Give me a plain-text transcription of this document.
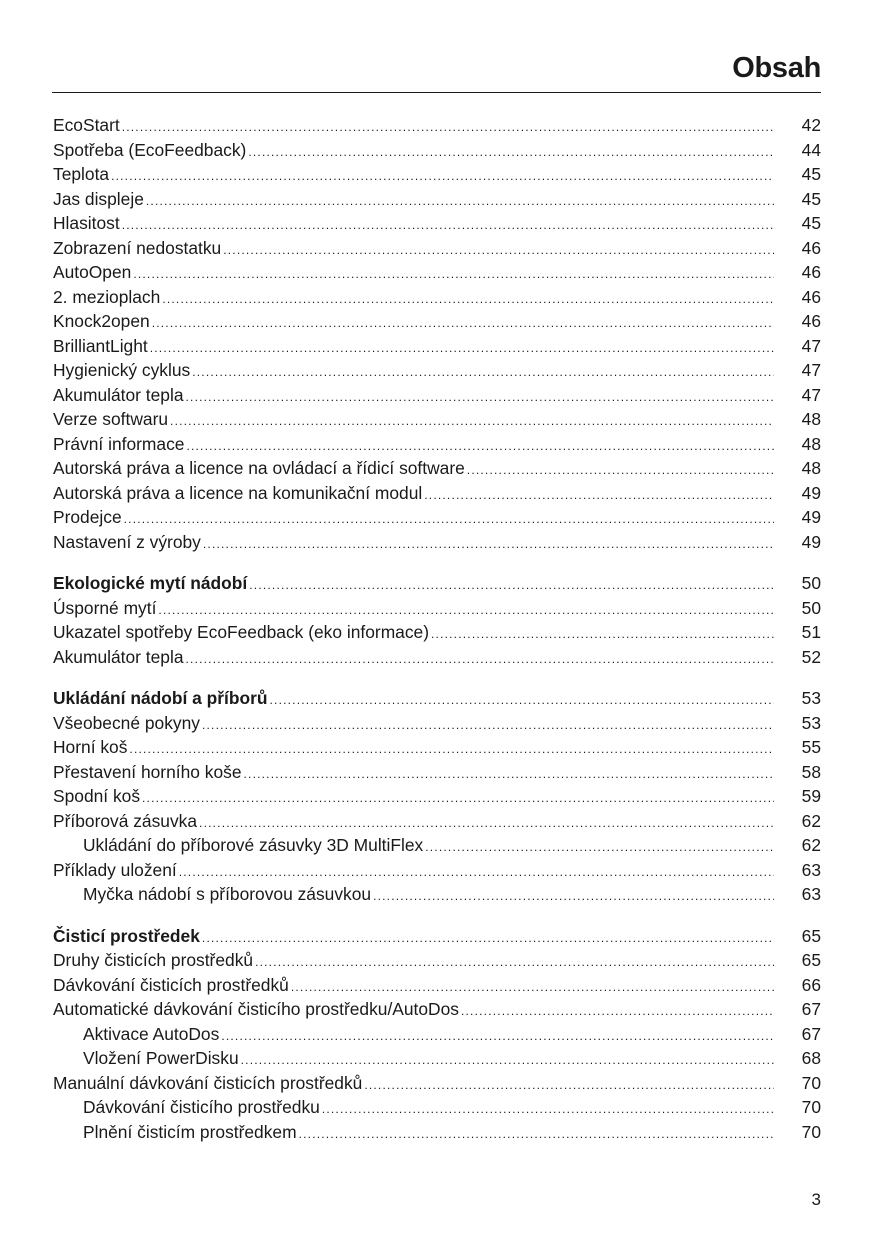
Obsah
EcoStart .....	42
Spotřeba (EcoFeedback) .....	44
Teplota .....	45
Jas displeje .....	45
Hlasitost .....	45
Zobrazení nedostatku .....	46
AutoOpen .....	46
2. mezioplach .....	46
Knock2open .....	46
BrilliantLight .....	47
Hygienický cyklus .....	47
Akumulátor tepla .....	47
Verze softwaru .....	48
Právní informace .....	48
Autorská práva a licence na ovládací a řídicí software .....	48
Autorská práva a licence na komunikační modul .....	49
Prodejce .....	49
Nastavení z výroby .....	49
Ekologické mytí nádobí .....	50
Úsporné mytí .....	50
Ukazatel spotřeby EcoFeedback (eko informace) .....	51
Akumulátor tepla .....	52
Ukládání nádobí a příborů .....	53
Všeobecné pokyny .....	53
Horní koš .....	55
Přestavení horního koše .....	58
Spodní koš .....	59
Příborová zásuvka .....	62
Ukládání do příborové zásuvky 3D MultiFlex .....	62
Příklady uložení .....	63
Myčka nádobí s příborovou zásuvkou .....	63
Čisticí prostředek .....	65
Druhy čisticích prostředků .....	65
Dávkování čisticích prostředků .....	66
Automatické dávkování čisticího prostředku/AutoDos .....	67
Aktivace AutoDos .....	67
Vložení PowerDisku .....	68
Manuální dávkování čisticích prostředků .....	70
Dávkování čisticího prostředku .....	70
Plnění čisticím prostředkem .....	70
3
